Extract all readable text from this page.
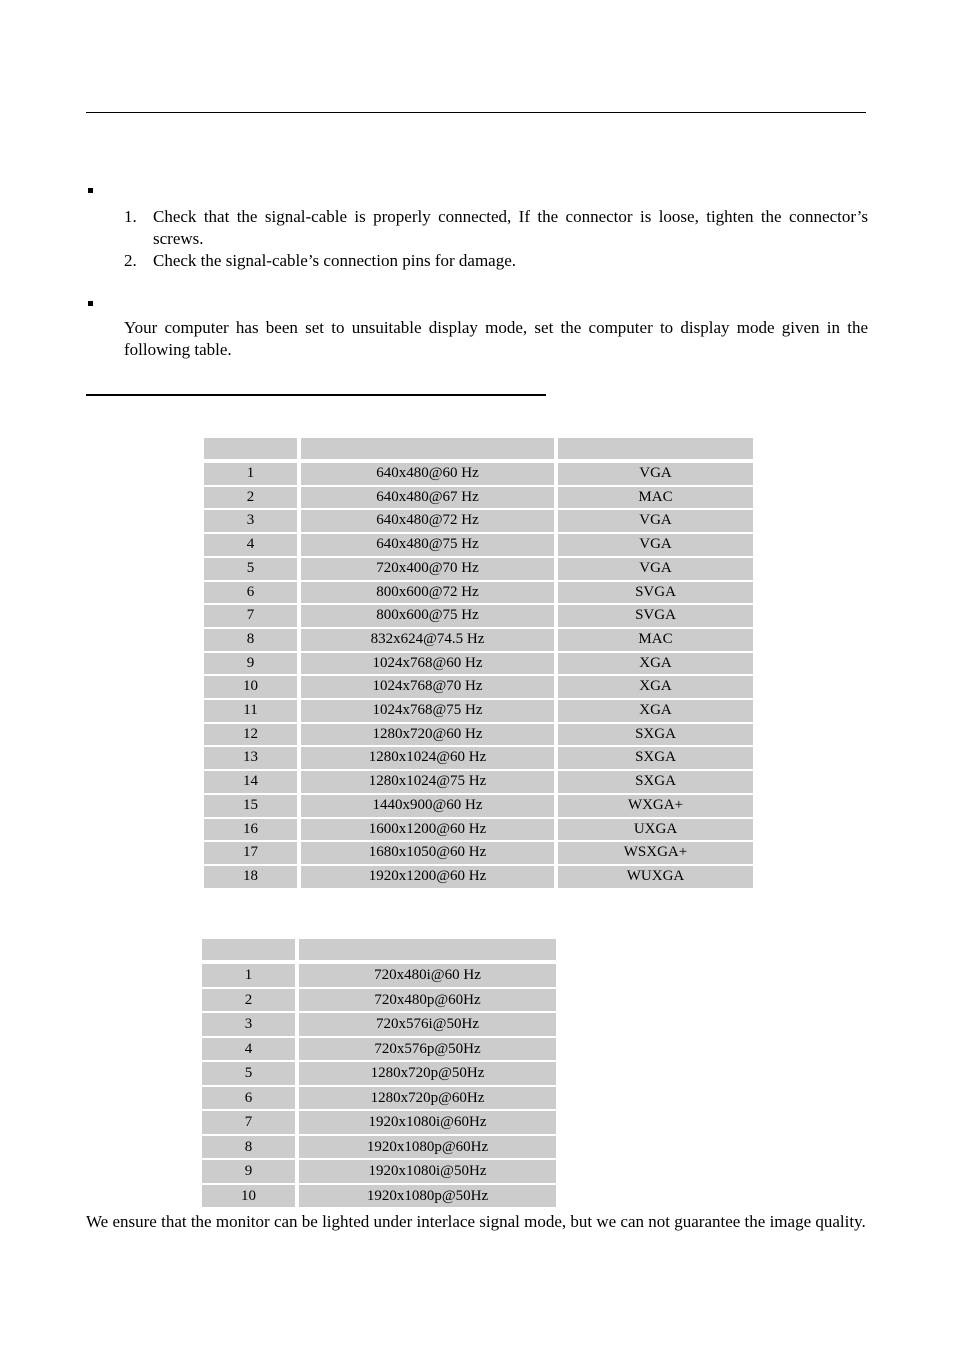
1. Check that the signal-cable is properly connected, If the connector is loose, tighten the connector’s screws.
2. Check the signal-cable’s connection pins for damage.
Your computer has been set to unsuitable display mode, set the computer to display mode given in the following table.

1	640x480@60 Hz	VGA
2	640x480@67 Hz	MAC
3	640x480@72 Hz	VGA
4	640x480@75 Hz	VGA
5	720x400@70 Hz	VGA
6	800x600@72 Hz	SVGA
7	800x600@75 Hz	SVGA
8	832x624@74.5 Hz	MAC
9	1024x768@60 Hz	XGA
10	1024x768@70 Hz	XGA
11	1024x768@75 Hz	XGA
12	1280x720@60 Hz	SXGA
13	1280x1024@60 Hz	SXGA
14	1280x1024@75 Hz	SXGA
15	1440x900@60 Hz	WXGA+
16	1600x1200@60 Hz	UXGA
17	1680x1050@60 Hz	WSXGA+
18	1920x1200@60 Hz	WUXGA

1	720x480i@60 Hz
2	720x480p@60Hz
3	720x576i@50Hz
4	720x576p@50Hz
5	1280x720p@50Hz
6	1280x720p@60Hz
7	1920x1080i@60Hz
8	1920x1080p@60Hz
9	1920x1080i@50Hz
10	1920x1080p@50Hz
We ensure that the monitor can be lighted under interlace signal mode, but we can not guarantee the image quality.
